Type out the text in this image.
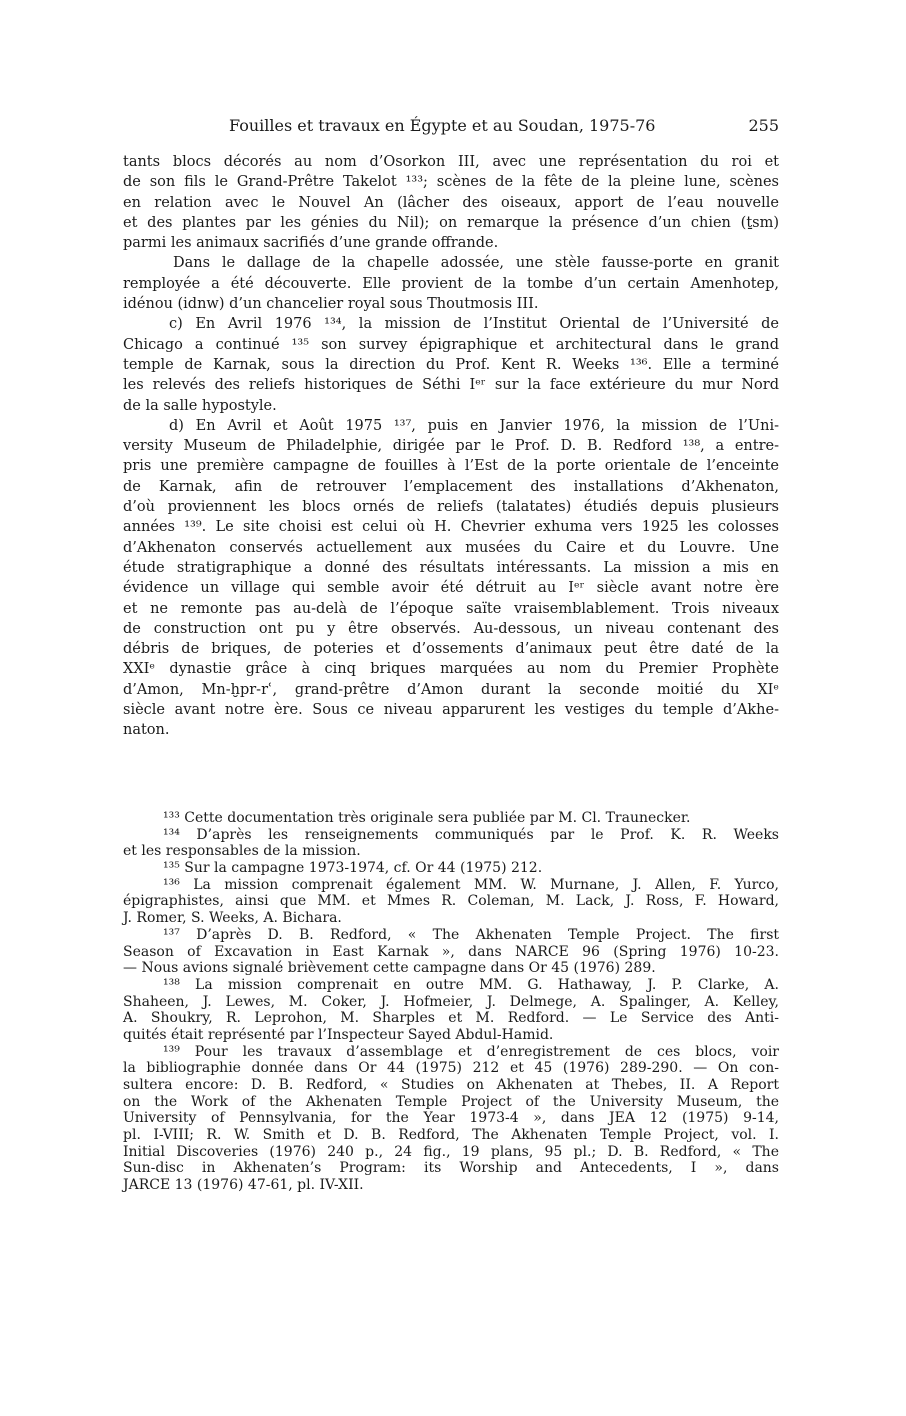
Fouilles et travaux en Égypte et au Soudan, 1975-76	255
tants blocs décorés au nom d’Osorkon III, avec une représentation du roi et
de son fils le Grand-Prêtre Takelot ¹³³; scènes de la fête de la pleine lune, scènes
en relation avec le Nouvel An (lâcher des oiseaux, apport de l’eau nouvelle
et des plantes par les génies du Nil); on remarque la présence d’un chien (ṯsm)
parmi les animaux sacrifiés d’une grande offrande.
Dans le dallage de la chapelle adossée, une stèle fausse-porte en granit
remployée a été découverte. Elle provient de la tombe d’un certain Amenhotep,
idénou (idnw) d’un chancelier royal sous Thoutmosis III.
c) En Avril 1976 ¹³⁴, la mission de l’Institut Oriental de l’Université de
Chicago a continué ¹³⁵ son survey épigraphique et architectural dans le grand
temple de Karnak, sous la direction du Prof. Kent R. Weeks ¹³⁶. Elle a terminé
les relevés des reliefs historiques de Séthi Iᵉʳ sur la face extérieure du mur Nord
de la salle hypostyle.
d) En Avril et Août 1975 ¹³⁷, puis en Janvier 1976, la mission de l’Uni-
versity Museum de Philadelphie, dirigée par le Prof. D. B. Redford ¹³⁸, a entre-
pris une première campagne de fouilles à l’Est de la porte orientale de l’enceinte
de Karnak, afin de retrouver l’emplacement des installations d’Akhenaton,
d’où proviennent les blocs ornés de reliefs (talatates) étudiés depuis plusieurs
années ¹³⁹. Le site choisi est celui où H. Chevrier exhuma vers 1925 les colosses
d’Akhenaton conservés actuellement aux musées du Caire et du Louvre. Une
étude stratigraphique a donné des résultats intéressants. La mission a mis en
évidence un village qui semble avoir été détruit au Iᵉʳ siècle avant notre ère
et ne remonte pas au-delà de l’époque saïte vraisemblablement. Trois niveaux
de construction ont pu y être observés. Au-dessous, un niveau contenant des
débris de briques, de poteries et d’ossements d’animaux peut être daté de la
XXIᵉ dynastie grâce à cinq briques marquées au nom du Premier Prophète
d’Amon, Mn-ḫpr-rʿ, grand-prêtre d’Amon durant la seconde moitié du XIᵉ
siècle avant notre ère. Sous ce niveau apparurent les vestiges du temple d’Akhe-
naton.
¹³³ Cette documentation très originale sera publiée par M. Cl. Traunecker.
¹³⁴ D’après les renseignements communiqués par le Prof. K. R. Weeks
et les responsables de la mission.
¹³⁵ Sur la campagne 1973-1974, cf. Or 44 (1975) 212.
¹³⁶ La mission comprenait également MM. W. Murnane, J. Allen, F. Yurco,
épigraphistes, ainsi que MM. et Mmes R. Coleman, M. Lack, J. Ross, F. Howard,
J. Romer, S. Weeks, A. Bichara.
¹³⁷ D’après D. B. Redford, « The Akhenaten Temple Project. The first
Season of Excavation in East Karnak », dans NARCE 96 (Spring 1976) 10-23.
— Nous avions signalé brièvement cette campagne dans Or 45 (1976) 289.
¹³⁸ La mission comprenait en outre MM. G. Hathaway, J. P. Clarke, A.
Shaheen, J. Lewes, M. Coker, J. Hofmeier, J. Delmege, A. Spalinger, A. Kelley,
A. Shoukry, R. Leprohon, M. Sharples et M. Redford. — Le Service des Anti-
quités était représenté par l’Inspecteur Sayed Abdul-Hamid.
¹³⁹ Pour les travaux d’assemblage et d’enregistrement de ces blocs, voir
la bibliographie donnée dans Or 44 (1975) 212 et 45 (1976) 289-290. — On con-
sultera encore: D. B. Redford, « Studies on Akhenaten at Thebes, II. A Report
on the Work of the Akhenaten Temple Project of the University Museum, the
University of Pennsylvania, for the Year 1973-4 », dans JEA 12 (1975) 9-14,
pl. I-VIII; R. W. Smith et D. B. Redford, The Akhenaten Temple Project, vol. I.
Initial Discoveries (1976) 240 p., 24 fig., 19 plans, 95 pl.; D. B. Redford, « The
Sun-disc in Akhenaten’s Program: its Worship and Antecedents, I », dans
JARCE 13 (1976) 47-61, pl. IV-XII.
